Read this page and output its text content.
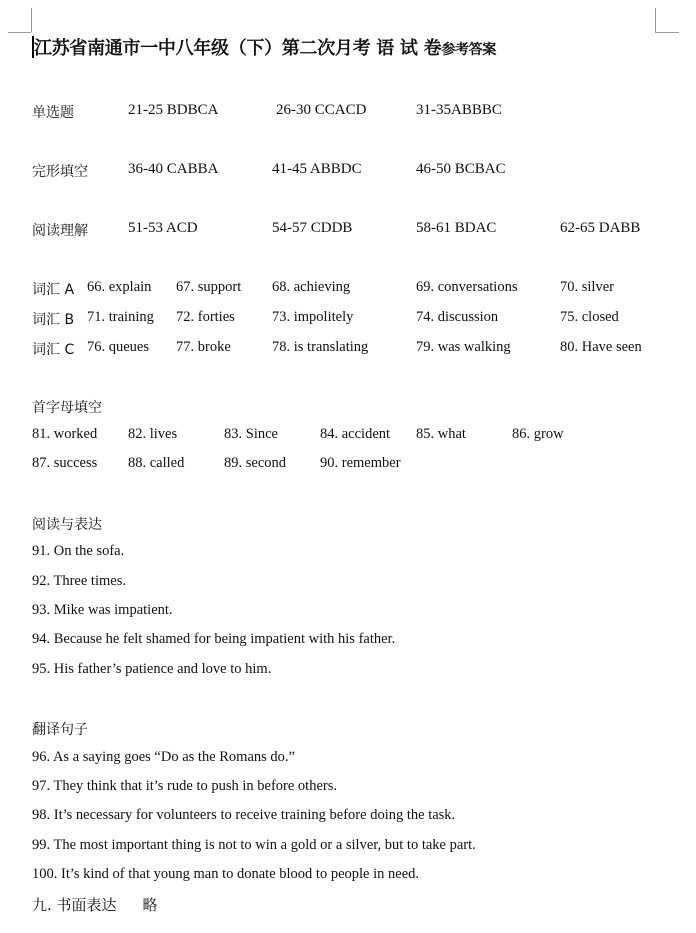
江苏省南通市一中八年级（下）第二次月考 语 试 卷参考答案
单选题	21-25 BDBCA	26-30 CCACD	31-35ABBBC
完形填空	36-40 CABBA	41-45 ABBDC	46-50 BCBAC
阅读理解	51-53 ACD	54-57 CDDB	58-61 BDAC	62-65 DABB
词汇 A 66. explain 67. support 68. achieving	69. conversations	70. silver
词汇 B 71. training 72. forties	73. impolitely	74. discussion	75. closed
词汇 C 76. queues 77. broke	78. is translating	79. was walking	80. Have seen
首字母填空
81. worked 82. lives	83. Since	84. accident 85. what	86. grow
87. success 88. called	89. second 90. remember
阅读与表达
91. On the sofa.
92. Three times.
93. Mike was impatient.
94. Because he felt shamed for being impatient with his father.
95. His father’s patience and love to him.
翻译句子
96. As a saying goes “Do as the Romans do.”
97. They think that it’s rude to push in before others.
98. It’s necessary for volunteers to receive training before doing the task.
99. The most important thing is not to win a gold or a silver, but to take part.
100. It’s kind of that young man to donate blood to people in need.
九. 书面表达 略
